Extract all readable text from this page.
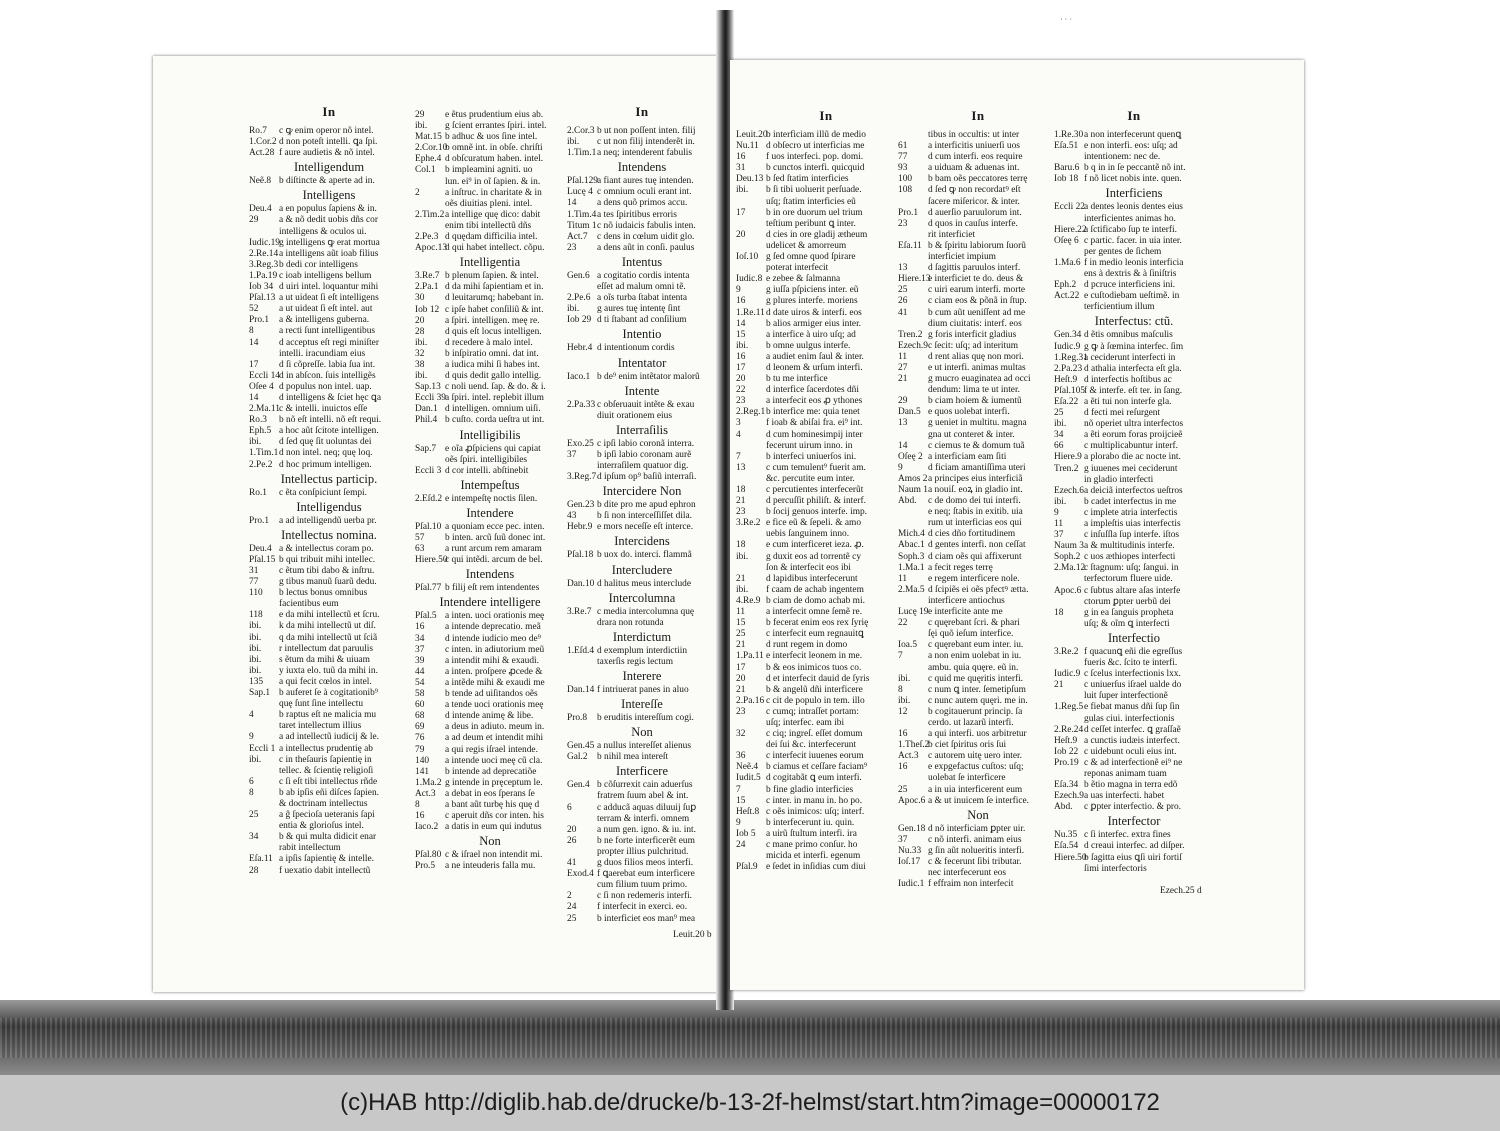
· · ·
In
Ro.7 c ꝙ enim operor nõ intel.
1.Cor.2 d non poteſt intelli. ꝗa ſpi.
Act.28 f aure audietis & nõ intel.
Intelligendum
Neẽ.8 b diſtincte & aperte ad in.
Intelligens
Deu.4 a en populus ſapiens & in.
29 a & nõ dedit uobis dñs cor
intelligens & oculos ui.
Iudic.19g intelligens ꝙ erat mortua
2.Re.14a intelligens aũt ioab filius
3.Reg.3b dedi cor intelligens
1.Pa.19 c ioab intelligens bellum
Iob 34 d uiri intel. loquantur mihi
Pſal.13 a ut uideat ſi eſt intelligens
52 a ut uideat ſi eſt intel. aut
Pro.1 a & intelligens guberna.
8	a recti ſunt intelligentibus
14 d acceptus eſt regi miniſter
intelli. iracundiam eius
17 d ſi cõpreſſe. labia ſua int.
Eccli 14d in abſcon. ſuis intelligẽs
Oſee 4 d populus non intel. uap.
14 d intelligens & ſciet hęc ꝗa
2.Ma.11c & intelli. inuictos eſſe
Ro.3 b nõ eſt intelli. nõ eſt requi.
Eph.5 a hoc aũt ſcitote intelligen.
ibi. d ſed quę ſit uoluntas dei
1.Tim.1d non intel. neq; quę loq.
2.Pe.2 d hoc primum intelligen.
Intellectus particip.
Ro.1 c ẽta conſpiciunt ſempi.
Intelligendus
Pro.1 a ad intelligendũ uerba pr.
Intellectus nomina.
Deu.4 a & intellectus coram po.
Pſal.15 b qui tribuit mihi intellec.
31 c ẽtum tibi dabo & inſtru.
77 g tibus manuũ ſuarũ dedu.
110 b lectus bonus omnibus
facientibus eum
118 e da mihi intellectũ et ſcru.
ibi. k da mihi intellectũ ut diſ.
ibi. q da mihi intellectũ ut ſciã
ibi. r intellectum dat paruulis
ibi. s ẽtum da mihi & uiuam
ibi. y iuxta elo. tuũ da mihi in.
135 a qui fecit cœlos in intel.
Sap.1 b auferet ſe à cogitationib⁹
quę ſunt ſine intellectu
4	b raptus eſt ne malicia mu
taret intellectum illius
9	a ad intellectũ iudicij & le.
Eccli 1 a intellectus prudentię ab
ibi. c in theſauris ſapientię in
tellec. & ſcientię religioſi
6	c ſi eſt tibi intellectus rñde
8	b ab ipſis eñi diſces ſapien.
& doctrinam intellectus
25 a ĝ ſpecioſa ueteranis ſapi
entia & glorioſus intel.
34 b & qui multa didicit enar
rabit intellectum
Eſa.11 a ipſis ſapientię & intelle.
28 f uexatio dabit intellectũ
29 e ẽtus prudentium eius ab.
ibi. g ſcient errantes ſpiri. intel.
Mat.15 b adhuc & uos ſine intel.
2.Cor.10b omnẽ int. in obſe. chriſti
Ephe.4 d obſcuratum haben. intel.
Col.1 b impleamini agniti. uo
lun. ei⁹ in oĩ ſapien. & in.
2	a inſtruc. in charitate & in
oẽs diuitias pleni. intel.
2.Tim.2a intellige quę dico: dabit
enim tibi intellectũ dñs
2.Pe.3 d quędam difficilia intel.
Apoc.13d qui habet intellect. cõpu.
Intelligentia
3.Re.7 b plenum ſapien. & intel.
2.Pa.1 d da mihi ſapientiam et in.
30 d leuitarumq; habebant in.
Iob 12 c ipſe habet conſiliũ & int.
20 a ſpiri. intelligen. meę re.
28 d quis eſt locus intelligen.
ibi. d recedere à malo intel.
32 b inſpiratio omni. dat int.
38 a iudica mihi ſi habes int.
ibi. d quis dedit gallo intellig.
Sap.13 c noli uend. ſap. & do. & i.
Eccli 39a ſpiri. intel. replebit illum
Dan.1 d intelligen. omnium uiſi.
Phil.4 b cuſto. corda ueſtra ut int.
Intelligibilis
Sap.7 e oĩa ꝓſpiciens qui capiat
oẽs ſpiri. intelligibiles
Eccli 3 d cor intelli. abſtinebit
Intempeſtus
2.Eſd.2 e intempeſtę noctis ſilen.
Intendere
Pſal.10 a quoniam ecce pec. inten.
57 b inten. arcũ ſuũ donec int.
63 a runt arcum rem amaram
Hiere.50c qui intẽdi. arcum de bel.
Intendens
Pſal.77 b filij eſt rem intendentes
Intendere intelligere
Pſal.5 a inten. uoci orationis meę
16 a intende deprecatio. meã
34 d intende iudicio meo de⁹
37 c inten. in adiutorium meũ
39 a intendit mihi & exaudi.
44 a inten. proſpere ꝓcede &
54 a intẽde mihi & exaudi me
58 b tende ad uiſitandos oẽs
60 a tende uoci orationis meę
68 d intende animę & libe.
69 a deus in adiuto. meum in.
76 a ad deum et intendit mihi
79 a qui regis iſrael intende.
140 a intende uoci meę cũ cla.
141 b intende ad deprecatiõe
1.Ma.2 g intende in pręceptum le.
Act.3 a debat in eos ſperans ſe
8	a bant aũt turbę his quę d
16 c aperuit dñs cor inten. his
Iaco.2 a datis in eum qui indutus
Non
Pſal.80 c & iſrael non intendit mi.
Pro.5 a ne inteuderis falla mu.
In
2.Cor.3 b ut non poſſent inten. filij
ibi. c ut non filij intenderẽt in.
1.Tim.1a neq; intenderent fabulis
Intendens
Pſal.129a fiant aures tuę intenden.
Lucę 4 c omnium oculi erant int.
14 a dens quõ primos accu.
1.Tim.4a tes ſpiritibus erroris
Titum 1c nõ iudaicis fabulis inten.
Act.7 c dens in cœlum uidit glo.
23 a dens aũt in conſi. paulus
Intentus
Gen.6 a cogitatio cordis intenta
eſſet ad malum omni tẽ.
2.Pe.6 a oĩs turba ſtabat intenta
ibi. g aures tuę intentę ſint
Iob 29 d ti ſtabant ad conſilium
Intentio
Hebr.4 d intentionum cordis
Intentator
Iaco.1 b de⁹ enim intẽtator malorũ
Intente
2.Pa.33 c obſeruauit intẽte & exau
diuit orationem eius
Interraſilis
Exo.25 c ipſi labio coronã interra.
37 b ipſi labio coronam aurẽ
interraſilem quatuor dig.
3.Reg.7d ipſum op⁹ baſiũ interraſi.
Intercidere Non
Gen.23 b dite pro me apud ephron
43 b ſi non interceſſiſſet dila.
Hebr.9 e mors neceſſe eſt interce.
Intercidens
Pſal.18 b uox do. interci. flammã
Intercludere
Dan.10 d halitus meus interclude
Intercolumna
3.Re.7 c media intercolumna quę
drara non rotunda
Interdictum
1.Eſd.4 d exemplum interdictiin
taxerſis regis lectum
Interere
Dan.14 f intriuerat panes in aluo
Intereſſe
Pro.8 b eruditis intereſſum cogi.
Non
Gen.45 a nullus intereſſet alienus
Gal.2 b nihil mea intereſt
Interficere
Gen.4 b cõſurrexit cain aduerſus
fratrem ſuum abel & int.
6	c adducã aquas diluuij ſuꝑ
terram & interfi. omnem
20 a num gen. igno. & iu. int.
26 b ne forte interficerẽt eum
propter illius pulchritud.
41 g duos filios meos interfi.
Exod.4 f ꝗaerebat eum interficere
cum filium tuum primo.
2	c ſi non redemeris interfi.
24 f interfecit in exerci. eo.
25 b interficiet eos man⁹ mea
Leuit.20 b
In
Leuit.20b interficiam illũ de medio
Nu.11 d obſecro ut interficias me
16 f uos interfeci. pop. domi.
31 b cunctos interfi. quicquid
Deu.13 b ſed ſtatim interficies
ibi. b ſi tibi uoluerit perſuade.
uſq; ſtatim interficies eũ
17 b in ore duorum uel trium
teſtium peribunt ꝗ inter.
20 d cies in ore gladij ætheum
udelicet & amorreum
Ioſ.10 g ſed omne quod ſpirare
poterat interfecit
Iudic.8 e zebee & ſalmanna
9	g iuſſa pſpiciens inter. eũ
16 g plures interfe. moriens
1.Re.11d date uiros & interfi. eos
14 b alios armiger eius inter.
15 a interfice à uiro uſq; ad
ibi. b omne uulgus interfe.
16 a audiet enim ſaul & inter.
17 d leonem & urſum interfi.
20 b tu me interfice
22 d interfice ſacerdotes dñi
23 a interfecit eos ꝓ ythones
2.Reg.1b interfice me: quia tenet
3	f ioab & abiſai fra. ei⁹ int.
4	d cum hominesimpij inter
fecerunt uirum inno. in
7	b interfeci uniuerſos ini.
13 c cum temulent⁹ fuerit am.
&c. percutite eum inter.
18 c percutientes interfecerũt
21 d percuſſit philiſt. & interf.
23 b ſocij genuos interfe. imp.
3.Re.2 e fice eũ & ſepeli. & amo
uebis ſanguinem inno.
18 e cum interficeret ieza. ꝓ.
ibi. g duxit eos ad torrentẽ cy
ſon & interfecit eos ibi
21 d lapidibus interfecerunt
ibi. f caam de achab ingentem
4.Re.9 b ciam de domo achab mi.
11 a interfecit omne ſemẽ re.
15 b fecerat enim eos rex ſyrię
25 c interfecit eum regnauitꝗ
21 d runt regem in domo
1.Pa.11 e interfecit leonem in me.
17 b & eos inimicos tuos co.
20 d et interfecit dauid de ſyris
21 b & angelũ dñi interficere
2.Pa.16 c cit de populo in tem. illo
23 c cumq; intraſſet portam:
uſq; interfec. eam ibi
32 c ciq; ingreſ. eſſet domum
dei ſui &c. interfecerunt
36 c interfecit iuuenes eorum
Neẽ.4 b ciamus et ceſſare faciam⁹
Iudit.5 d cogitabãt ꝗ eum interfi.
7	b fine gladio interficies
15 c inter. in manu in. ho po.
Heſt.8 c oẽs inimicos: uſq; interf.
9	b interfecerunt iu. quin.
Iob 5 a uirũ ſtultum interfi. ira
24 c mane primo conſur. ho
micida et interfi. egenum
Pſal.9 e ſedet in inſidias cum diui
In
tibus in occultis: ut inter
61 a interficitis uniuerſi uos
77 d cum interfi. eos require
93 a uiduam & aduenas int.
100 b bam oẽs peccatores terrę
108 d ſed ꝙ non recordatꝰ eſt
ſacere miſericor. & inter.
Pro.1 d auerſio paruulorum int.
23 d quos in cauſus interfe.
rit interficiet
Eſa.11 b & ſpiritu labiorum ſuorũ
interficiet impium
13 d ſagittis paruulos interf.
Hiere.13e interficiet te do. deus &
25 c uiri earum interfi. morte
26 c ciam eos & põnã in ſtup.
41 b cum aũt ueniſſent ad me
dium ciuitatis: interf. eos
Tren.2 g foris interficit gladius
Ezech.9c ſecit: uſq; ad interitum
11 d rent alias quę non mori.
27 e ut interfi. animas multas
21 g mucro euaginatea ad occi
dendum: lima te ut inter.
29 b ciam hoiem & iumentũ
Dan.5 e quos uolebat interfi.
13 g ueniet in multitu. magna
gna ut conteret & inter.
14 c ciemus te & domum tuã
Oſeę 2 a interficiam eam ſiti
9	d ficiam amantiſſima uteri
Amos 2a principes eius interficiã
Naum 1a nouiſ. eoꝝ in gladio int.
Abd. c de domo dei tui interfi.
e neq; ſtabis in exitib. uia
rum ut interficias eos qui
Mich.4 d cies dño fortitudinem
Abac.1 d gentes interfi. non ceſſat
Soph.3 d ciam oẽs qui affixerunt
1.Ma.1 a fecit reges terrę
11 e regem interficere nole.
2.Ma.5 d ſcipiẽs ei oẽs pfectꝰ ætta.
interficere antiochus
Lucę 19e interficite ante me
22 c quęrebant ſcri. & phari
ſęi quõ ieſum interfice.
Ioa.5 c quęrebant eum inter. iu.
7	a non enim uolebat in iu.
ambu. quia quęre. eũ in.
ibi. c quid me quęritis interfi.
8	c num ꝗ inter. ſemetipſum
ibi. c nunc autem quęri. me in.
12 b cogitauerunt princip. ſa
cerdo. ut lazarũ interfi.
16 a qui interfi. uos arbitretur
1.Theſ.2b ciet ſpiritus oris ſui
Act.3 c autorem uitę uero inter.
16 e expgefactus cuſtos: uſq;
uolebat ſe interficere
25 a in uia interficerent eum
Apoc.6 a & ut inuicem ſe interfice.
Non
Gen.18 d nõ interficiam ꝑpter uir.
37 c nõ interfi. animam eius
Nu.33 g ſin aũt nolueritis interfi.
Ioſ.17 c & fecerunt ſibi tributar.
nec interfecerunt eos
Iudic.1 f effraim non interfecit
In
1.Re.30a non interfecerunt quenꝗ
Eſa.51 e non interfi. eos: uſq; ad
intentionem: nec de.
Baru.6 b q in in ſe peccantẽ nõ int.
Iob 18 f nõ licet nobis inte. quen.
Interficiens
Eccli 22a dentes leonis dentes eius
interficientes animas ho.
Hiere.22a ſctificabo ſup te interfi.
Oſeę 6 c partic. facer. in uia inter.
per gentes de ſichem
1.Ma.6 f in medio leonis interficia
ens à dextris & à ſiniſtris
Eph.2 d pcruce interficiens ini.
Act.22 e cuſtodiebam ueſtimẽ. in
terficientium illum
Interfectus: ctũ.
Gen.34 d ẽtis omnibus maſculis
Iudic.9 g ꝙ à ſœmina interfec. ſim
1.Reg.31a ceciderunt interfecti in
2.Pa.23 d athalia interfecta eſt gla.
Heſt.9 d interfectis hoſtibus ac
Pſal.105f & interfe. eſt ter. in ſang.
Eſa.22 a ẽti tui non interfe gla.
25 d fecti mei reſurgent
ibi. nõ operiet ultra interfectos
34 a ẽti eorum foras proijcieẽ
66 c multiplicabuntur interf.
Hiere.9 a plorabo die ac nocte int.
Tren.2 g iuuenes mei ceciderunt
in gladio interfecti
Ezech.6a deiciã interfectos ueſtros
ibi. b cadet interfectus in me
9	c implete atria interfectis
11 a impleſtis uias interfectis
37 c inſuſſla ſup interfe. iſtos
Naum 3a & multitudinis interfe.
Soph.2 c uos æthiopes interfecti
2.Ma.12c ſtagnum: uſq; ſangui. in
terfectorum fluere uide.
Apoc.6 c ſubtus altare aſas interfe
ctorum ꝑpter uerbũ dei
18 g in ea ſanguis propheta
uſq; & oĩm ꝗ interfecti
Interfectio
3.Re.2 f quacunꝗ eñi die egreſſus
fueris &c. ſcito te interfi.
Iudic.9 c ſcelus interfectionis lxx.
21 c uniuerſus iſrael ualde do
luit ſuper interfectionẽ
1.Reg.5e fiebat manus dñi ſup ſin
gulas ciui. interfectionis
2.Re.24d ceſſet interfec. ꝗ graſſaẽ
Heſt.9 a cunctis iudæis interfect.
Iob 22 c uidebunt oculi eius int.
Pro.19 c & ad interfectionẽ ei⁹ ne
reponas animam tuam
Eſa.34 b ẽtio magna in terra edõ
Ezech.9a uas interfecti. habet
Abd. c ꝑpter interfectio. & pro.
Interfector
Nu.35 c ſi interfec. extra fines
Eſa.54 d creaui interfec. ad diſper.
Hiere.50b ſagitta eius ꝗſi uiri fortiſ
ſimi interfectoris
Ezech.25 d
(c)HAB http://diglib.hab.de/drucke/b-13-2f-helmst/start.htm?image=00000172
